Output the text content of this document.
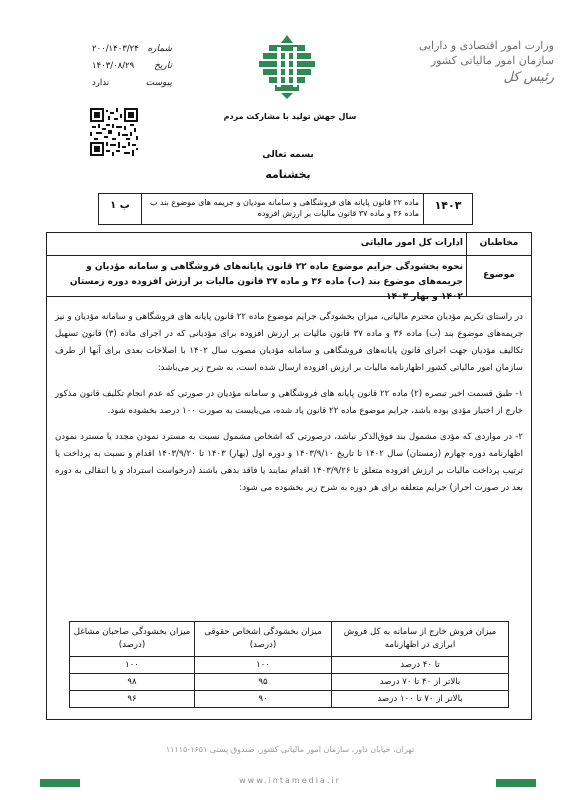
وزارت امور اقتصادی و دارایی
سازمان امور مالیاتی کشور
رئیس کل
شماره
۲۰۰/۱۴۰۳/۲۴
تاریخ
۱۴۰۳/۰۸/۲۹
پیوست
ندارد
سال جهش تولید با مشارکت مردم
بسمه تعالی
بخشنامه
۱۴۰۳
ماده ۲۲ قانون پایانه های فروشگاهی و سامانه مودیان و جریمه های موضوع بند ب ماده ۳۶ و ماده ۳۷ قانون مالیات بر ارزش افزوده
ب ۱
مخاطبان
ادارات کل امور مالیاتی
موضوع
نحوه بخشودگی جرایم موضوع ماده ۲۲ قانون پایانه‌های فروشگاهی و سامانه مؤدیان و جریمه‌های موضوع بند (ب) ماده ۳۶ و ماده ۳۷ قانون مالیات بر ارزش افزوده دوره زمستان ۱۴۰۲ و بهار ۱۴۰۳

در راستای تکریم مؤدیان محترم مالیاتی، میزان بخشودگی جرایم موضوع ماده ۲۲ قانون پایانه های فروشگاهی و سامانه مؤدیان و نیز جریمه‌های موضوع بند (ب) ماده ۳۶ و ماده ۳۷ قانون مالیات بر ارزش افزوده برای مؤدیانی که در اجرای ماده (۳) قانون تسهیل تکالیف مؤدیان جهت اجرای قانون پایانه‌های فروشگاهی و سامانه مؤدیان مصوب سال ۱۴۰۲ با اصلاحات بعدی برای آنها از طرف سازمان امور مالیاتی کشور اظهارنامه مالیات بر ارزش افزوده ارسال شده است، به شرح زیر می‌باشد:

۱- طبق قسمت اخیر تبصره (۲) ماده ۲۲ قانون پایانه های فروشگاهی و سامانه مؤدیان در صورتی که عدم انجام تکلیف قانون مذکور خارج از اختیار مؤدی بوده باشد، جرایم موضوع ماده ۲۲ قانون یاد شده، می‌بایست به صورت ۱۰۰ درصد بخشوده شود.

۲- در مواردی که مؤدی مشمول بند فوق‌الذکر نباشد، درصورتی که اشخاص مشمول نسبت به مسترد نمودن مجدد یا مسترد نمودن اظهارنامه دوره چهارم (زمستان) سال ۱۴۰۲ تا تاریخ ۱۴۰۳/۹/۱۰ و دوره اول (بهار) ۱۴۰۳ تا ۱۴۰۳/۹/۲۰ اقدام و نسبت به پرداخت یا ترتیب پرداخت مالیات بر ارزش افزوده متعلق تا ۱۴۰۳/۹/۲۶ اقدام نمایند یا فاقد بدهی باشند (درخواست استرداد و یا انتقالی به دوره بعد در صورت احراز) جرایم متعلقه برای هر دوره به شرح زیر بخشوده می شود:

میزان فروش خارج از سامانه به کل فروش ابرازی در اظهارنامه	میزان بخشودگی اشخاص حقوقی (درصد)	میزان بخشودگی صاحبان مشاغل (درصد)
تا ۴۰ درصد	۱۰۰	۱۰۰
بالاتر از ۴۰ تا ۷۰ درصد	۹۵	۹۸
بالاتر از ۷۰ تا ۱۰۰ درصد	۹۰	۹۶
تهران، خیابان داور، سازمان امور مالیاتی کشور، صندوق پستی ۱۶۵۱-۱۱۱۱۵
www.intamedia.ir
